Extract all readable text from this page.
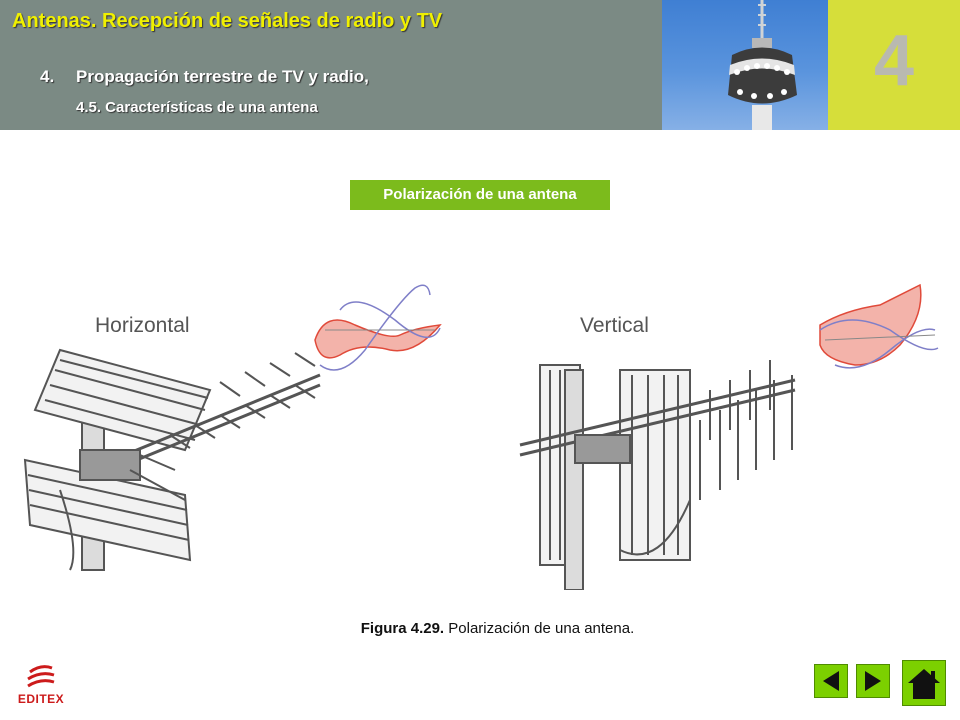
Antenas. Recepción de señales de radio y TV
4. Propagación terrestre de TV y radio,
4.5. Características de una antena
4
Polarización de una antena
Horizontal	Vertical
Figura 4.29. Polarización de una antena.
EDITEX
